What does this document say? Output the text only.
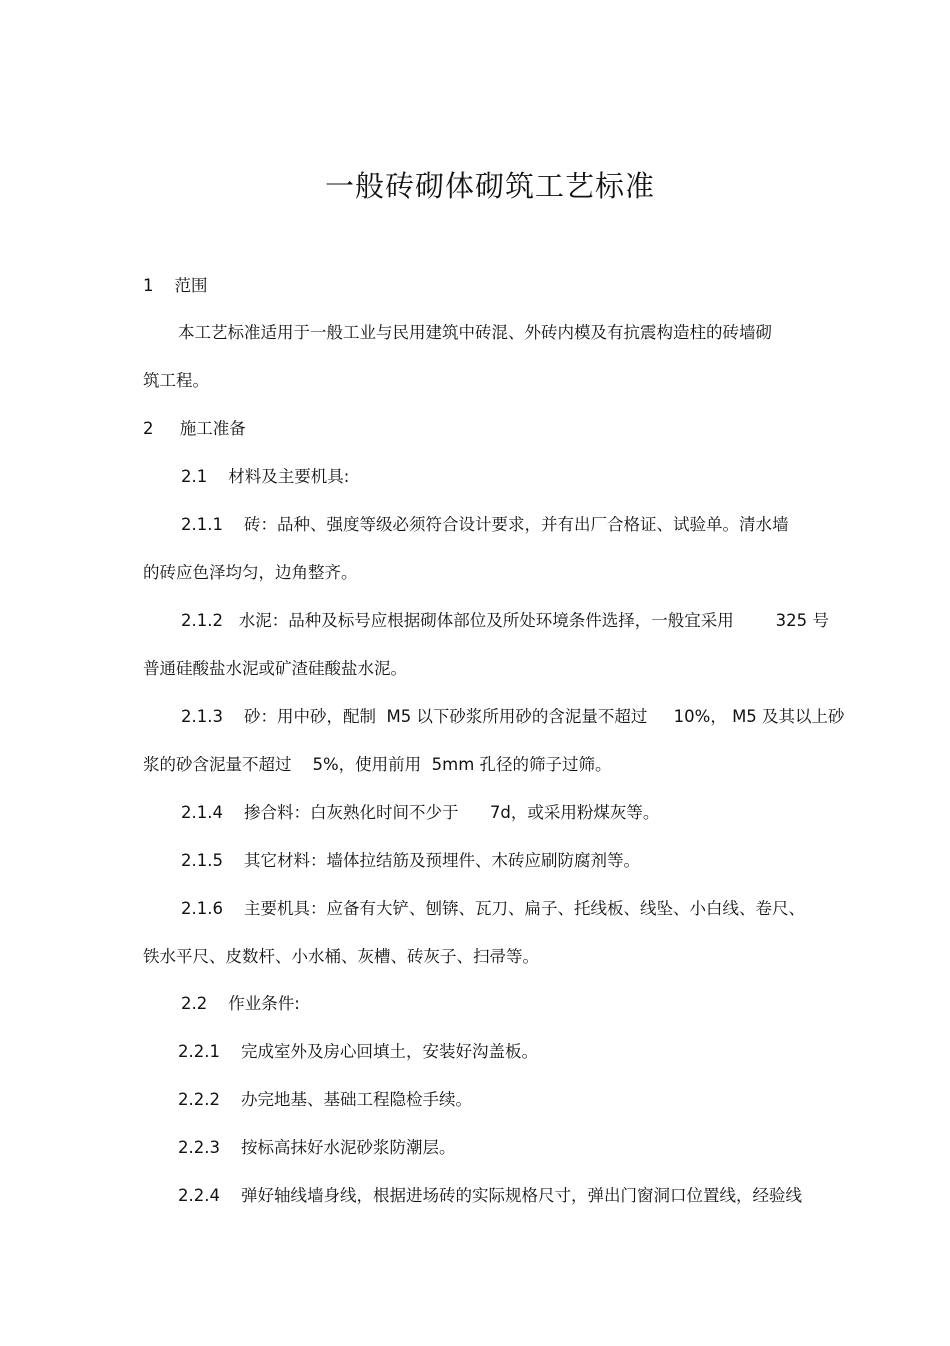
一般砖砌体砌筑工艺标准

1    范围

本工艺标准适用于一般工业与民用建筑中砖混、外砖内模及有抗震构造柱的砖墙砌

筑工程。

2     施工准备

2.1    材料及主要机具:

2.1.1    砖：品种、强度等级必须符合设计要求，并有出厂合格证、试验单。清水墙

的砖应色泽均匀，边角整齐。

2.1.2   水泥：品种及标号应根据砌体部位及所处环境条件选择，一般宜采用        325 号

普通硅酸盐水泥或矿渣硅酸盐水泥。

2.1.3    砂：用中砂，配制  M5 以下砂浆所用砂的含泥量不超过     10%， M5 及其以上砂

浆的砂含泥量不超过    5%，使用前用  5mm 孔径的筛子过筛。

2.1.4    掺合料：白灰熟化时间不少于      7d，或采用粉煤灰等。

2.1.5    其它材料：墙体拉结筋及预埋件、木砖应刷防腐剂等。

2.1.6    主要机具：应备有大铲、刨锛、瓦刀、扁子、托线板、线坠、小白线、卷尺、

铁水平尺、皮数杆、小水桶、灰槽、砖灰子、扫帚等。

2.2    作业条件:

2.2.1    完成室外及房心回填土，安装好沟盖板。

2.2.2    办完地基、基础工程隐检手续。

2.2.3    按标高抹好水泥砂浆防潮层。

2.2.4    弹好轴线墙身线，根据进场砖的实际规格尺寸，弹出门窗洞口位置线，经验线
